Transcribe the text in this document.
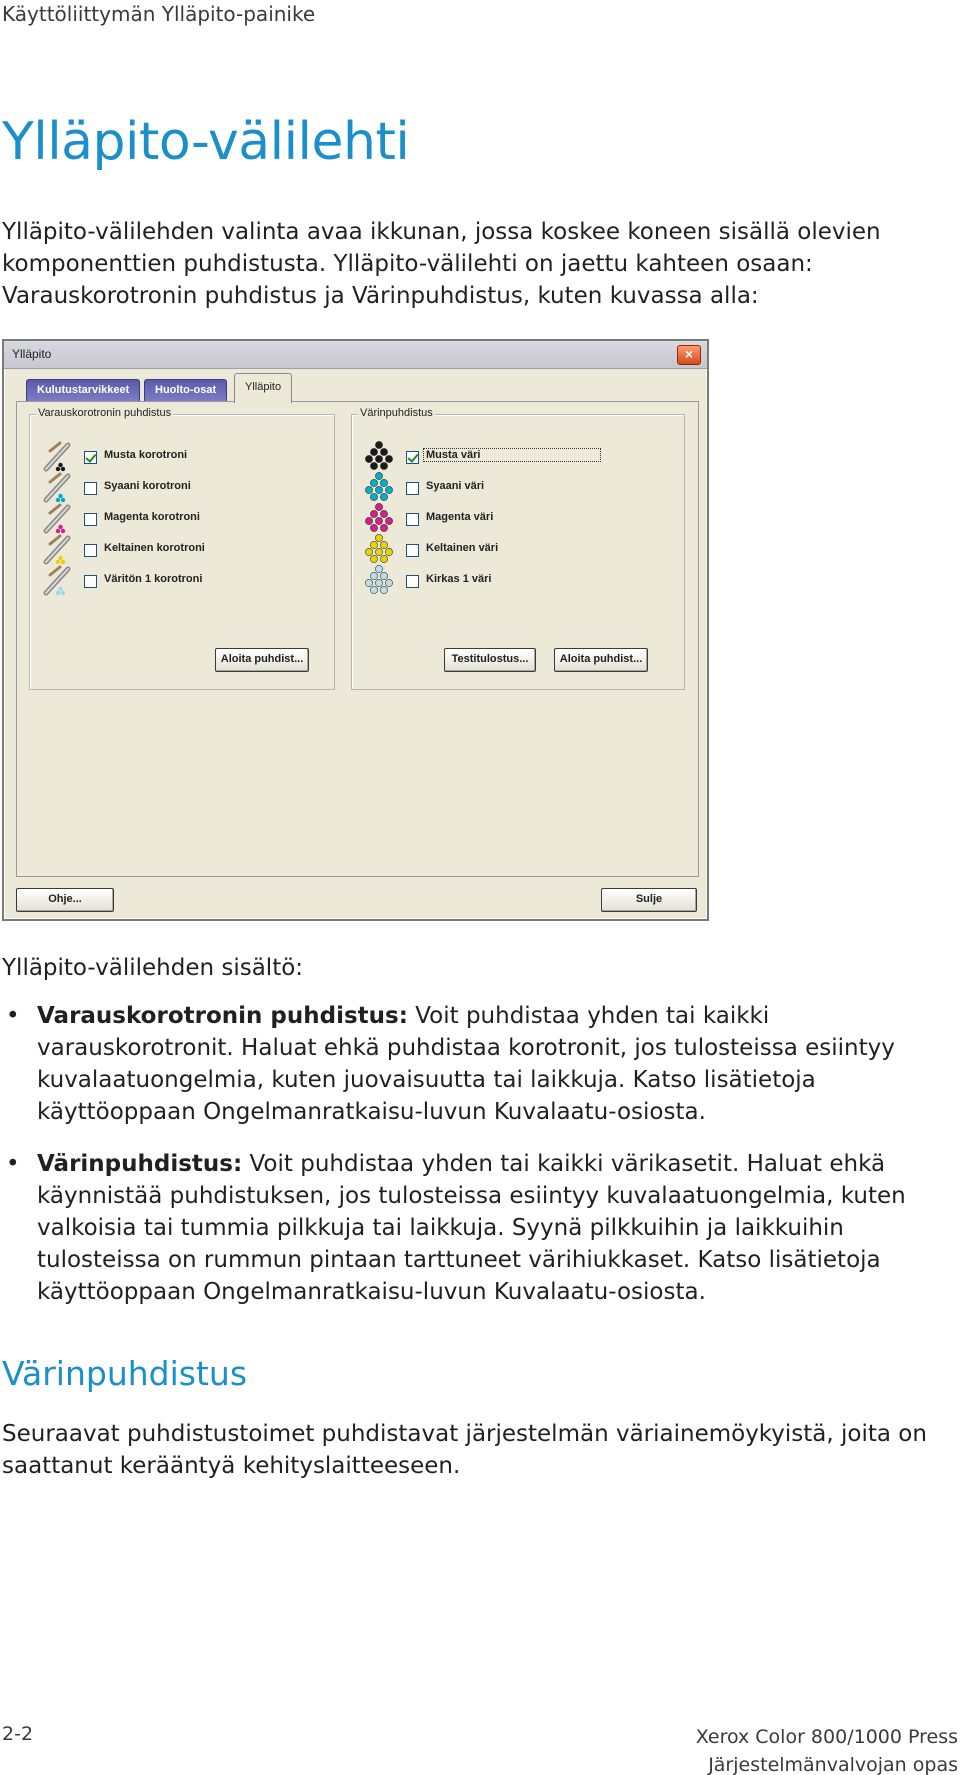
Käyttöliittymän Ylläpito-painike
Ylläpito-välilehti

Ylläpito-välilehden valinta avaa ikkunan, jossa koskee koneen sisällä olevien komponenttien puhdistusta. Ylläpito-välilehti on jaettu kahteen osaan: Varauskorotronin puhdistus ja Värinpuhdistus, kuten kuvassa alla:

Ylläpito	×
Kulutustarvikkeet	Huolto-osat	Ylläpito
Varauskorotronin puhdistus
Musta korotroni
Syaani korotroni
Magenta korotroni
Keltainen korotroni
Väritön 1 korotroni
Aloita puhdist...
Värinpuhdistus
Musta väri
Syaani väri
Magenta väri
Keltainen väri
Kirkas 1 väri
Testitulostus...	Aloita puhdist...
Ohje...	Sulje
Ylläpito-välilehden sisältö:
• Varauskorotronin puhdistus: Voit puhdistaa yhden tai kaikki varauskorotronit. Haluat ehkä puhdistaa korotronit, jos tulosteissa esiintyy kuvalaatuongelmia, kuten juovaisuutta tai laikkuja. Katso lisätietoja käyttöoppaan Ongelmanratkaisu-luvun Kuvalaatu-osiosta.
• Värinpuhdistus: Voit puhdistaa yhden tai kaikki värikasetit. Haluat ehkä käynnistää puhdistuksen, jos tulosteissa esiintyy kuvalaatuongelmia, kuten valkoisia tai tummia pilkkuja tai laikkuja. Syynä pilkkuihin ja laikkuihin tulosteissa on rummun pintaan tarttuneet värihiukkaset. Katso lisätietoja käyttöoppaan Ongelmanratkaisu-luvun Kuvalaatu-osiosta.
Värinpuhdistus

Seuraavat puhdistustoimet puhdistavat järjestelmän väriainemöykyistä, joita on saattanut kerääntyä kehityslaitteeseen.

2-2	Xerox Color 800/1000 Press
Järjestelmänvalvojan opas
